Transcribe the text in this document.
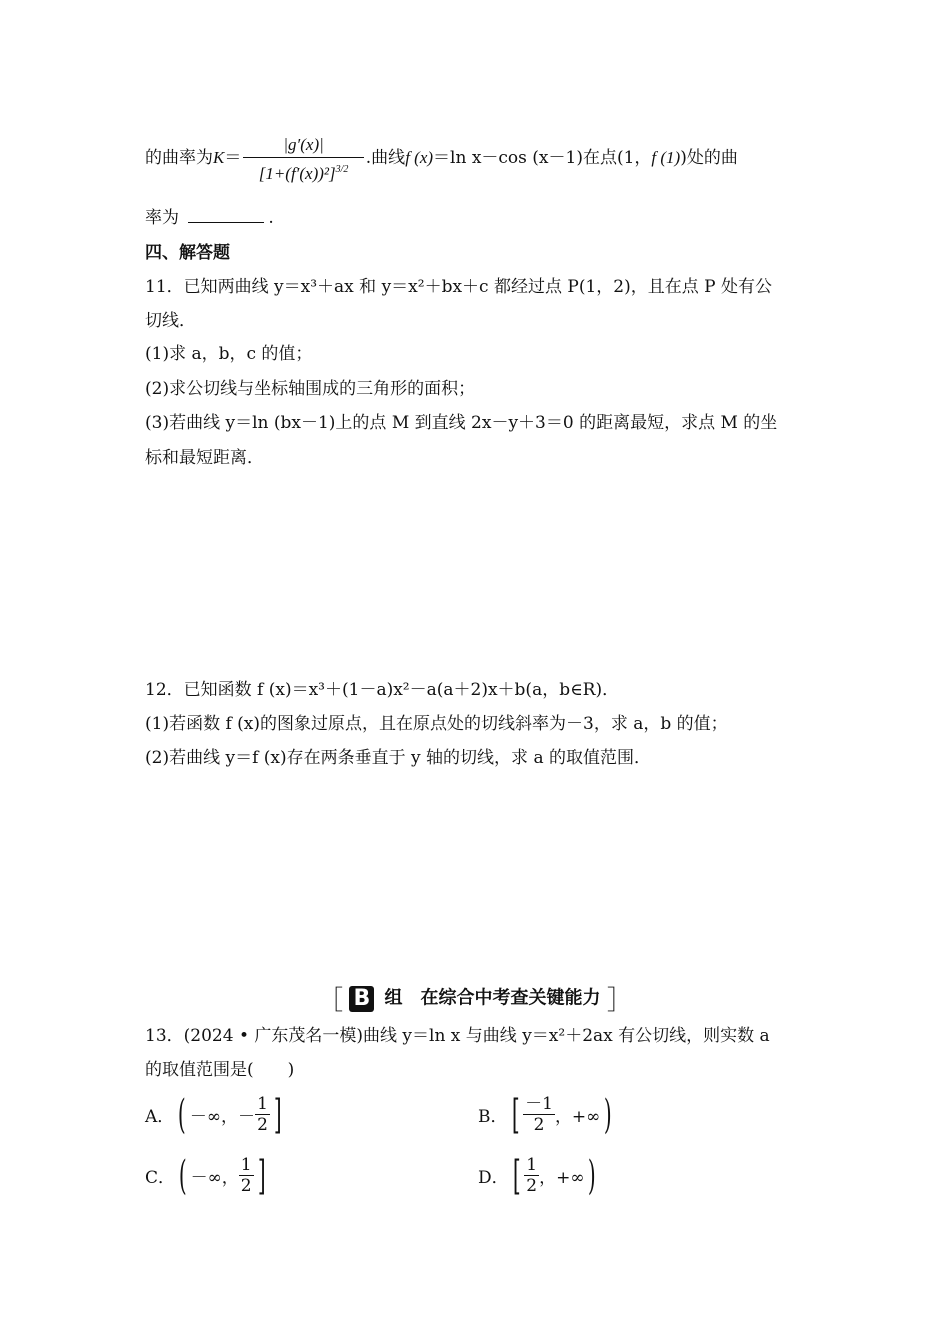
的曲率为 $K = \frac{|g'(x)|}{[1+(f'(x))^2]^{3/2}}$ .曲线 f (x) ＝ln x－cos (x－1)在点(1， f (1) )处的曲
率为	.
四、解答题
11．已知两曲线 y＝x³＋ax 和 y＝x²＋bx＋c 都经过点 P(1，2)，且在点 P 处有公
切线．
(1)求 a，b，c 的值；
(2)求公切线与坐标轴围成的三角形的面积；
(3)若曲线 y＝ln (bx－1)上的点 M 到直线 2x－y＋3＝0 的距离最短，求点 M 的坐
标和最短距离．
12．已知函数 f (x)＝x³＋(1－a)x²－a(a＋2)x＋b(a，b∈R)．
(1)若函数 f (x)的图象过原点，且在原点处的切线斜率为－3，求 a，b 的值；
(2)若曲线 y＝f (x)存在两条垂直于 y 轴的切线，求 a 的取值范围．
［ B 组　在综合中考查关键能力 ］
13．(2024 • 广东茂名一模)曲线 y＝ln x 与曲线 y＝x²＋2ax 有公切线，则实数 a
的取值范围是(　　)
A． ( －∞，－ $\frac{1}{2}$ ]	B． [ $\frac{-1}{2}$ ，+∞ )
C． ( －∞， $\frac{1}{2}$ ]	D． [ $\frac{1}{2}$ ，+∞ )
